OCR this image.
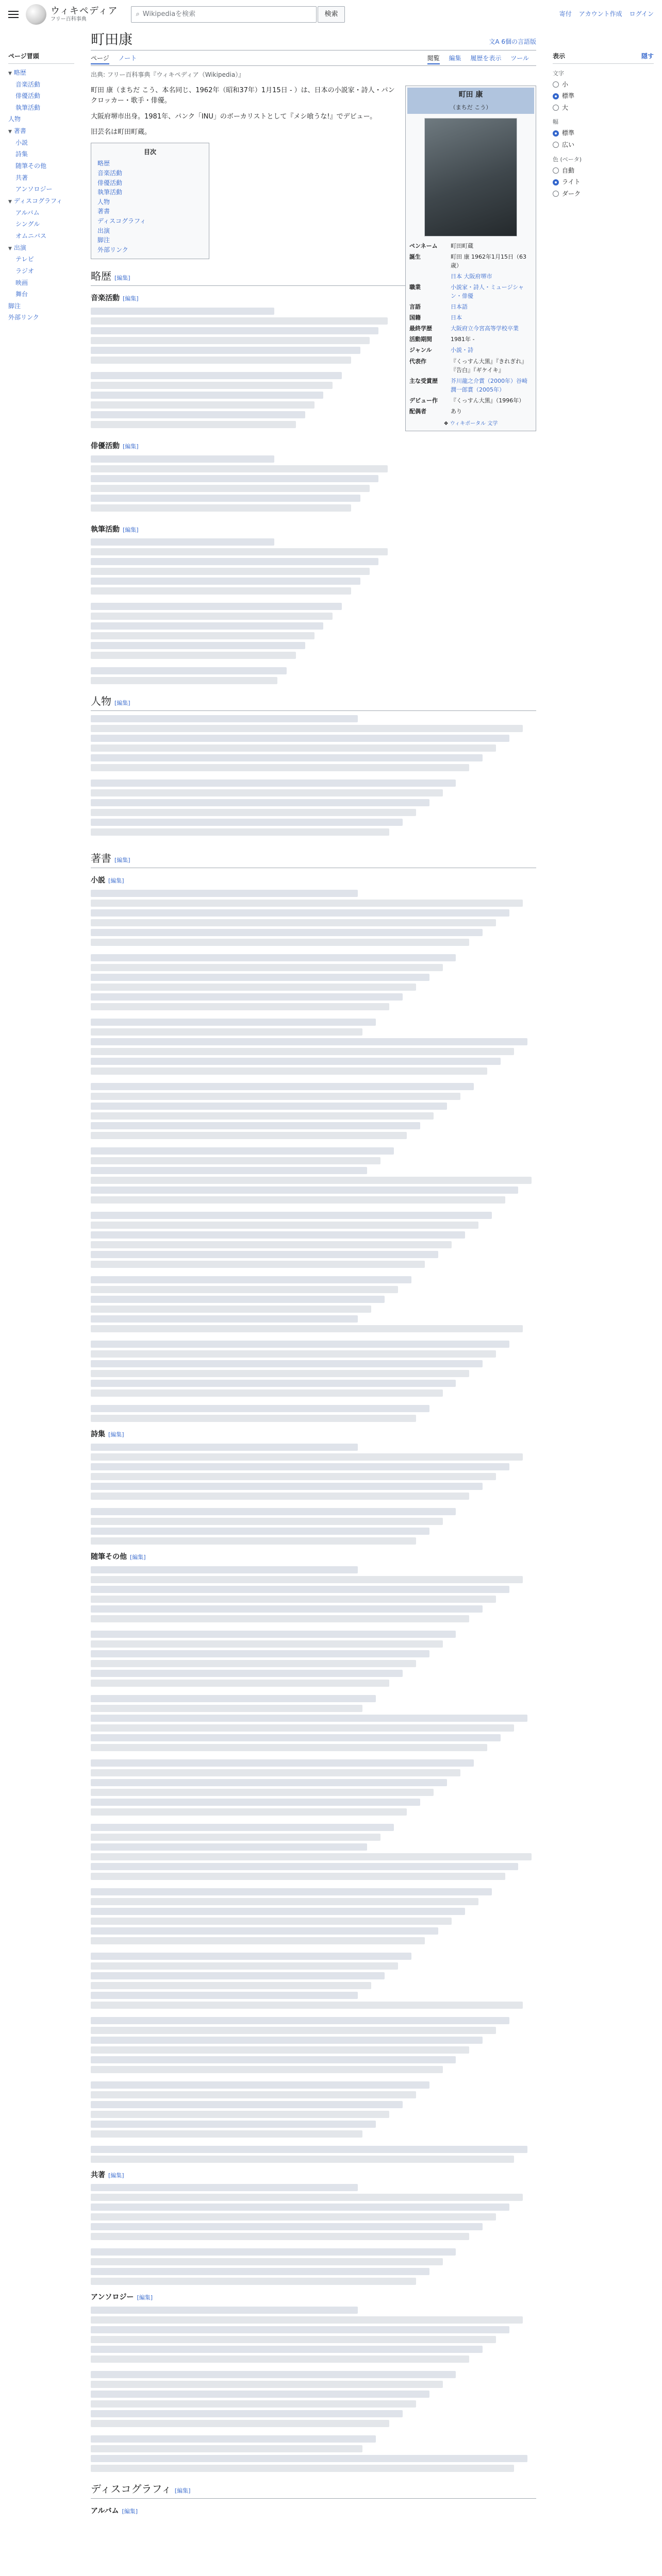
ウィキペディア
フリー百科事典
⌕ Wikipediaを検索	検索	寄付 アカウント作成 ログイン
ページ冒頭
▼ 略歴
音楽活動
俳優活動
執筆活動
人物
▼ 著書
小説
詩集
随筆その他
共著
アンソロジー
▼ ディスコグラフィ
アルバム
シングル
オムニバス
▼ 出演
テレビ
ラジオ
映画
舞台
脚注
外部リンク
町田康	文A 6個の言語版
ページ ノート	閲覧 編集 履歴を表示 ツール
出典: フリー百科事典『ウィキペディア（Wikipedia）』
町田 康
（まちだ こう）
ペンネーム	町田町蔵
誕生	町田 康 1962年1月15日（63歳）
	日本 大阪府堺市
職業	小説家・詩人・ミュージシャン・俳優
言語	日本語
国籍	日本
最終学歴	大阪府立今宮高等学校卒業
活動期間	1981年 -
ジャンル	小説・詩
代表作	『くっすん大黒』『きれぎれ』『告白』『ギケイキ』
主な受賞歴	芥川龍之介賞（2000年）谷崎潤一郎賞（2005年）
デビュー作	『くっすん大黒』（1996年）
配偶者	あり
❖ ウィキポータル 文学

町田 康（まちだ こう、本名同じ、1962年（昭和37年）1月15日 - ）は、日本の小説家・詩人・パンクロッカー・歌手・俳優。

大阪府堺市出身。1981年、パンク「INU」のボーカリストとして『メシ喰うな!』でデビュー。

旧芸名は町田町蔵。

目次
略歴
音楽活動
俳優活動
執筆活動
人物
著書
ディスコグラフィ
出演
脚注
外部リンク
略歴 [編集]
音楽活動 [編集]
俳優活動 [編集]
執筆活動 [編集]
人物 [編集]
著書 [編集]
小説 [編集]
詩集 [編集]
随筆その他 [編集]
共著 [編集]
アンソロジー [編集]
ディスコグラフィ [編集]
アルバム [編集]
表示	隠す
文字
小
標準
大
幅
標準
広い
色 (ベータ)
自動
ライト
ダーク
